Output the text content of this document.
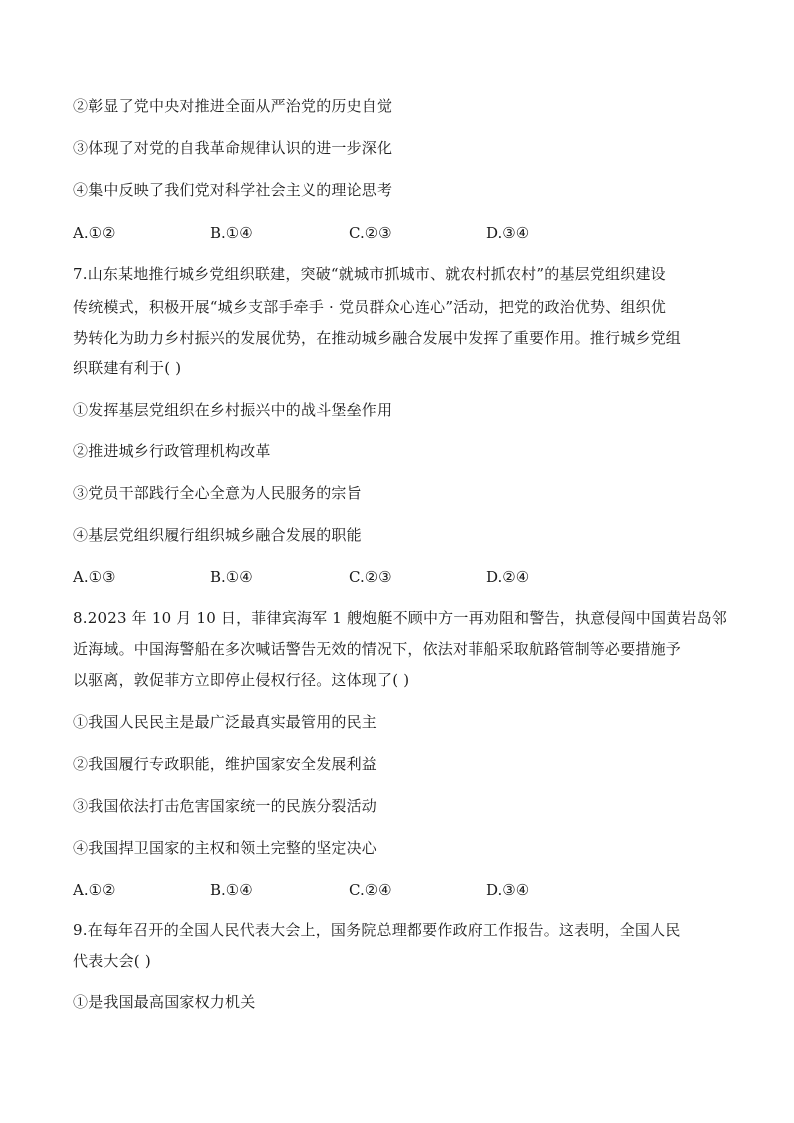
②彰显了党中央对推进全面从严治党的历史自觉
③体现了对党的自我革命规律认识的进一步深化
④集中反映了我们党对科学社会主义的理论思考
A.①②	B.①④	C.②③	D.③④
7.山东某地推行城乡党组织联建，突破“就城市抓城市、就农村抓农村”的基层党组织建设
传统模式，积极开展“城乡支部手牵手 · 党员群众心连心”活动，把党的政治优势、组织优
势转化为助力乡村振兴的发展优势，在推动城乡融合发展中发挥了重要作用。推行城乡党组
织联建有利于( )
①发挥基层党组织在乡村振兴中的战斗堡垒作用
②推进城乡行政管理机构改革
③党员干部践行全心全意为人民服务的宗旨
④基层党组织履行组织城乡融合发展的职能
A.①③	B.①④	C.②③	D.②④
8.2023 年 10 月 10 日，菲律宾海军 1 艘炮艇不顾中方一再劝阻和警告，执意侵闯中国黄岩岛邻
近海域。中国海警船在多次喊话警告无效的情况下，依法对菲船采取航路管制等必要措施予
以驱离，敦促菲方立即停止侵权行径。这体现了( )
①我国人民民主是最广泛最真实最管用的民主
②我国履行专政职能，维护国家安全发展利益
③我国依法打击危害国家统一的民族分裂活动
④我国捍卫国家的主权和领土完整的坚定决心
A.①②	B.①④	C.②④	D.③④
9.在每年召开的全国人民代表大会上，国务院总理都要作政府工作报告。这表明，全国人民
代表大会( )
①是我国最高国家权力机关
